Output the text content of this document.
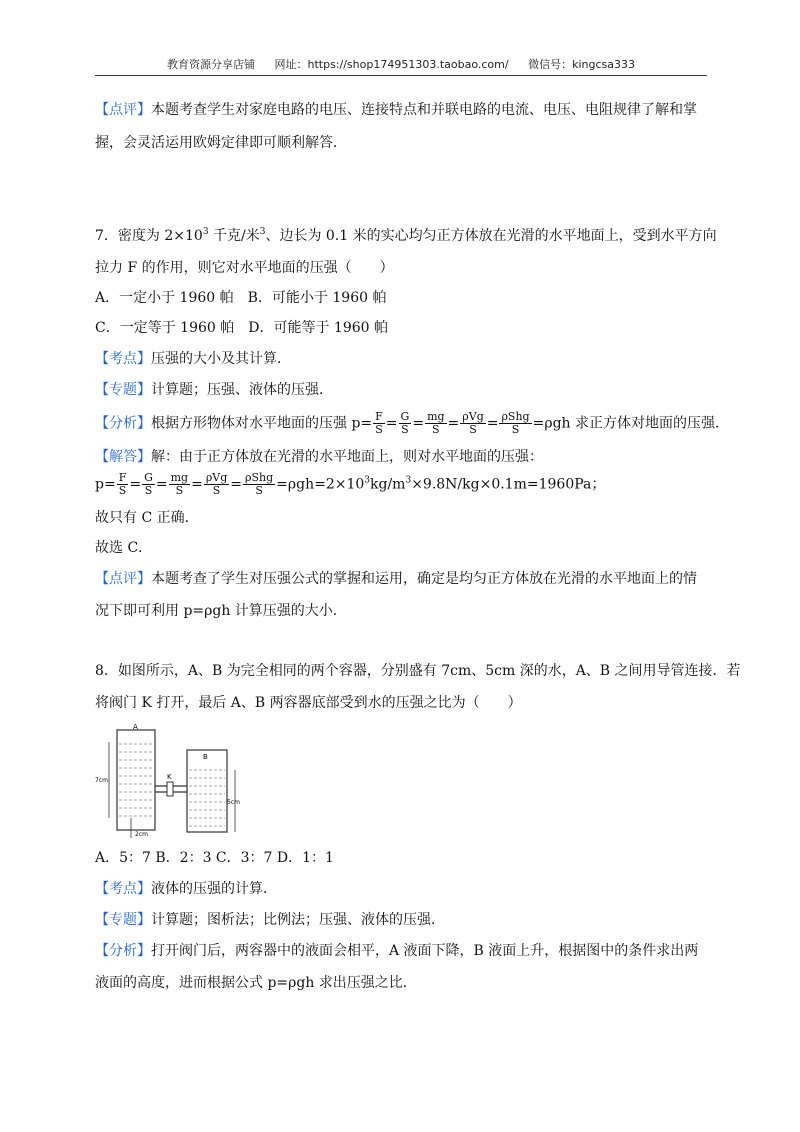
教育资源分享店铺 网址：https://shop174951303.taobao.com/ 微信号：kingcsa333
【点评】本题考查学生对家庭电路的电压、连接特点和并联电路的电流、电压、电阻规律了解和掌
握，会灵活运用欧姆定律即可顺利解答．
7．密度为 $2\times 10^3$ 千克/米$^3$、边长为 0.1 米的实心均匀正方体放在光滑的水平地面上，受到水平方向
拉力 F 的作用，则它对水平地面的压强（　　）
A．一定小于 1960 帕　B．可能小于 1960 帕
C．一定等于 1960 帕　D．可能等于 1960 帕
【考点】压强的大小及其计算．
【专题】计算题；压强、液体的压强．
【分析】根据方形物体对水平地面的压强 $p= \frac{F}{S} = \frac{G}{S} = \frac{mg}{S} = \frac{\text{ρVg}}{S} = \frac{\text{ρShg}}{S} =\rho gh$ 求正方体对地面的压强．
【解答】解：由于正方体放在光滑的水平地面上，则对水平地面的压强：
$p= \frac{F}{S} = \frac{G}{S} = \frac{mg}{S} = \frac{\text{ρVg}}{S} = \frac{\text{ρShg}}{S} =\rho gh=2\times 10^3kg/m^3\times 9.8N/kg\times 0.1m=1960Pa$；
故只有 C 正确．
故选 C．
【点评】本题考查了学生对压强公式的掌握和运用，确定是均匀正方体放在光滑的水平地面上的情
况下即可利用 p=ρgh 计算压强的大小．
8．如图所示，A、B 为完全相同的两个容器，分别盛有 7cm、5cm 深的水，A、B 之间用导管连接．若
将阀门 K 打开，最后 A、B 两容器底部受到水的压强之比为（　　）
A
B
K
7cm
5cm
2cm
A．5：7 B．2：3 C．3：7 D．1：1
【考点】液体的压强的计算．
【专题】计算题；图析法；比例法；压强、液体的压强．
【分析】打开阀门后，两容器中的液面会相平，A 液面下降，B 液面上升，根据图中的条件求出两
液面的高度，进而根据公式 p=ρgh 求出压强之比．
